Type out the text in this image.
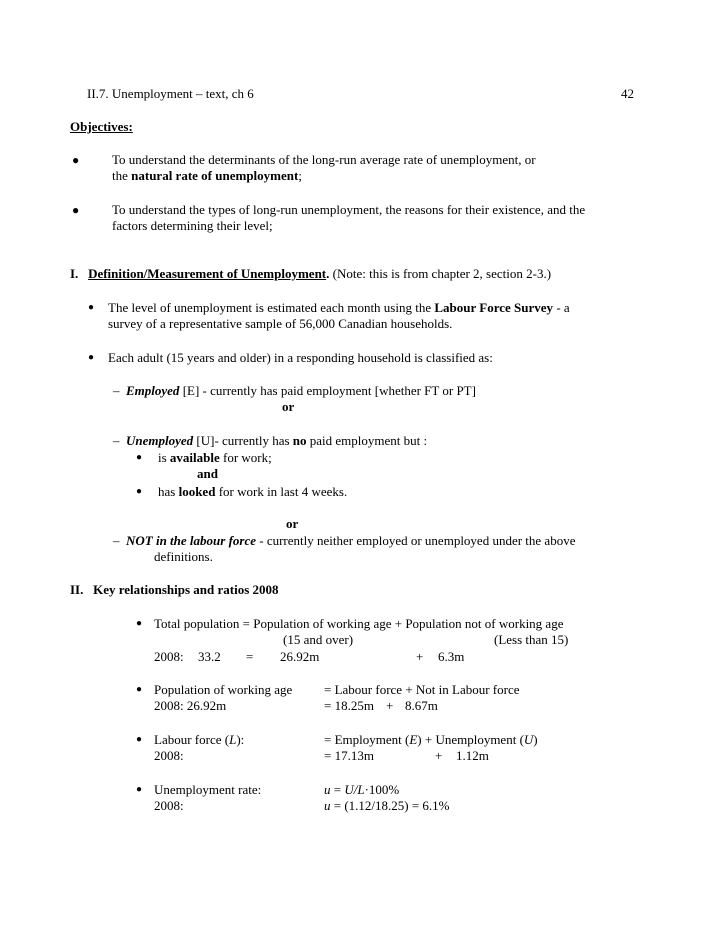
II.7. Unemployment – text, ch 6	42
Objectives:
●	To understand the determinants of the long-run average rate of unemployment, or
the natural rate of unemployment;
●	To understand the types of long-run unemployment, the reasons for their existence, and the
factors determining their level;
I. Definition/Measurement of Unemployment. (Note: this is from chapter 2, section 2-3.)
● The level of unemployment is estimated each month using the Labour Force Survey - a
survey of a representative sample of 56,000 Canadian households.
● Each adult (15 years and older) in a responding household is classified as:
– Employed [E] - currently has paid employment [whether FT or PT]
or
– Unemployed [U]- currently has no paid employment but :
● is available for work;
and
● has looked for work in last 4 weeks.
or
– NOT in the labour force - currently neither employed or unemployed under the above
definitions.
II. Key relationships and ratios 2008
● Total population = Population of working age + Population not of working age
(15 and over)	(Less than 15)
2008: 33.2 = 26.92m	+ 6.3m
● Population of working age = Labour force + Not in Labour force
2008: 26.92m	= 18.25m + 8.67m
● Labour force (L):	= Employment (E) + Unemployment (U)
2008:	= 17.13m	+ 1.12m
● Unemployment rate:	u = U/L·100%
2008:	u = (1.12/18.25) = 6.1%
